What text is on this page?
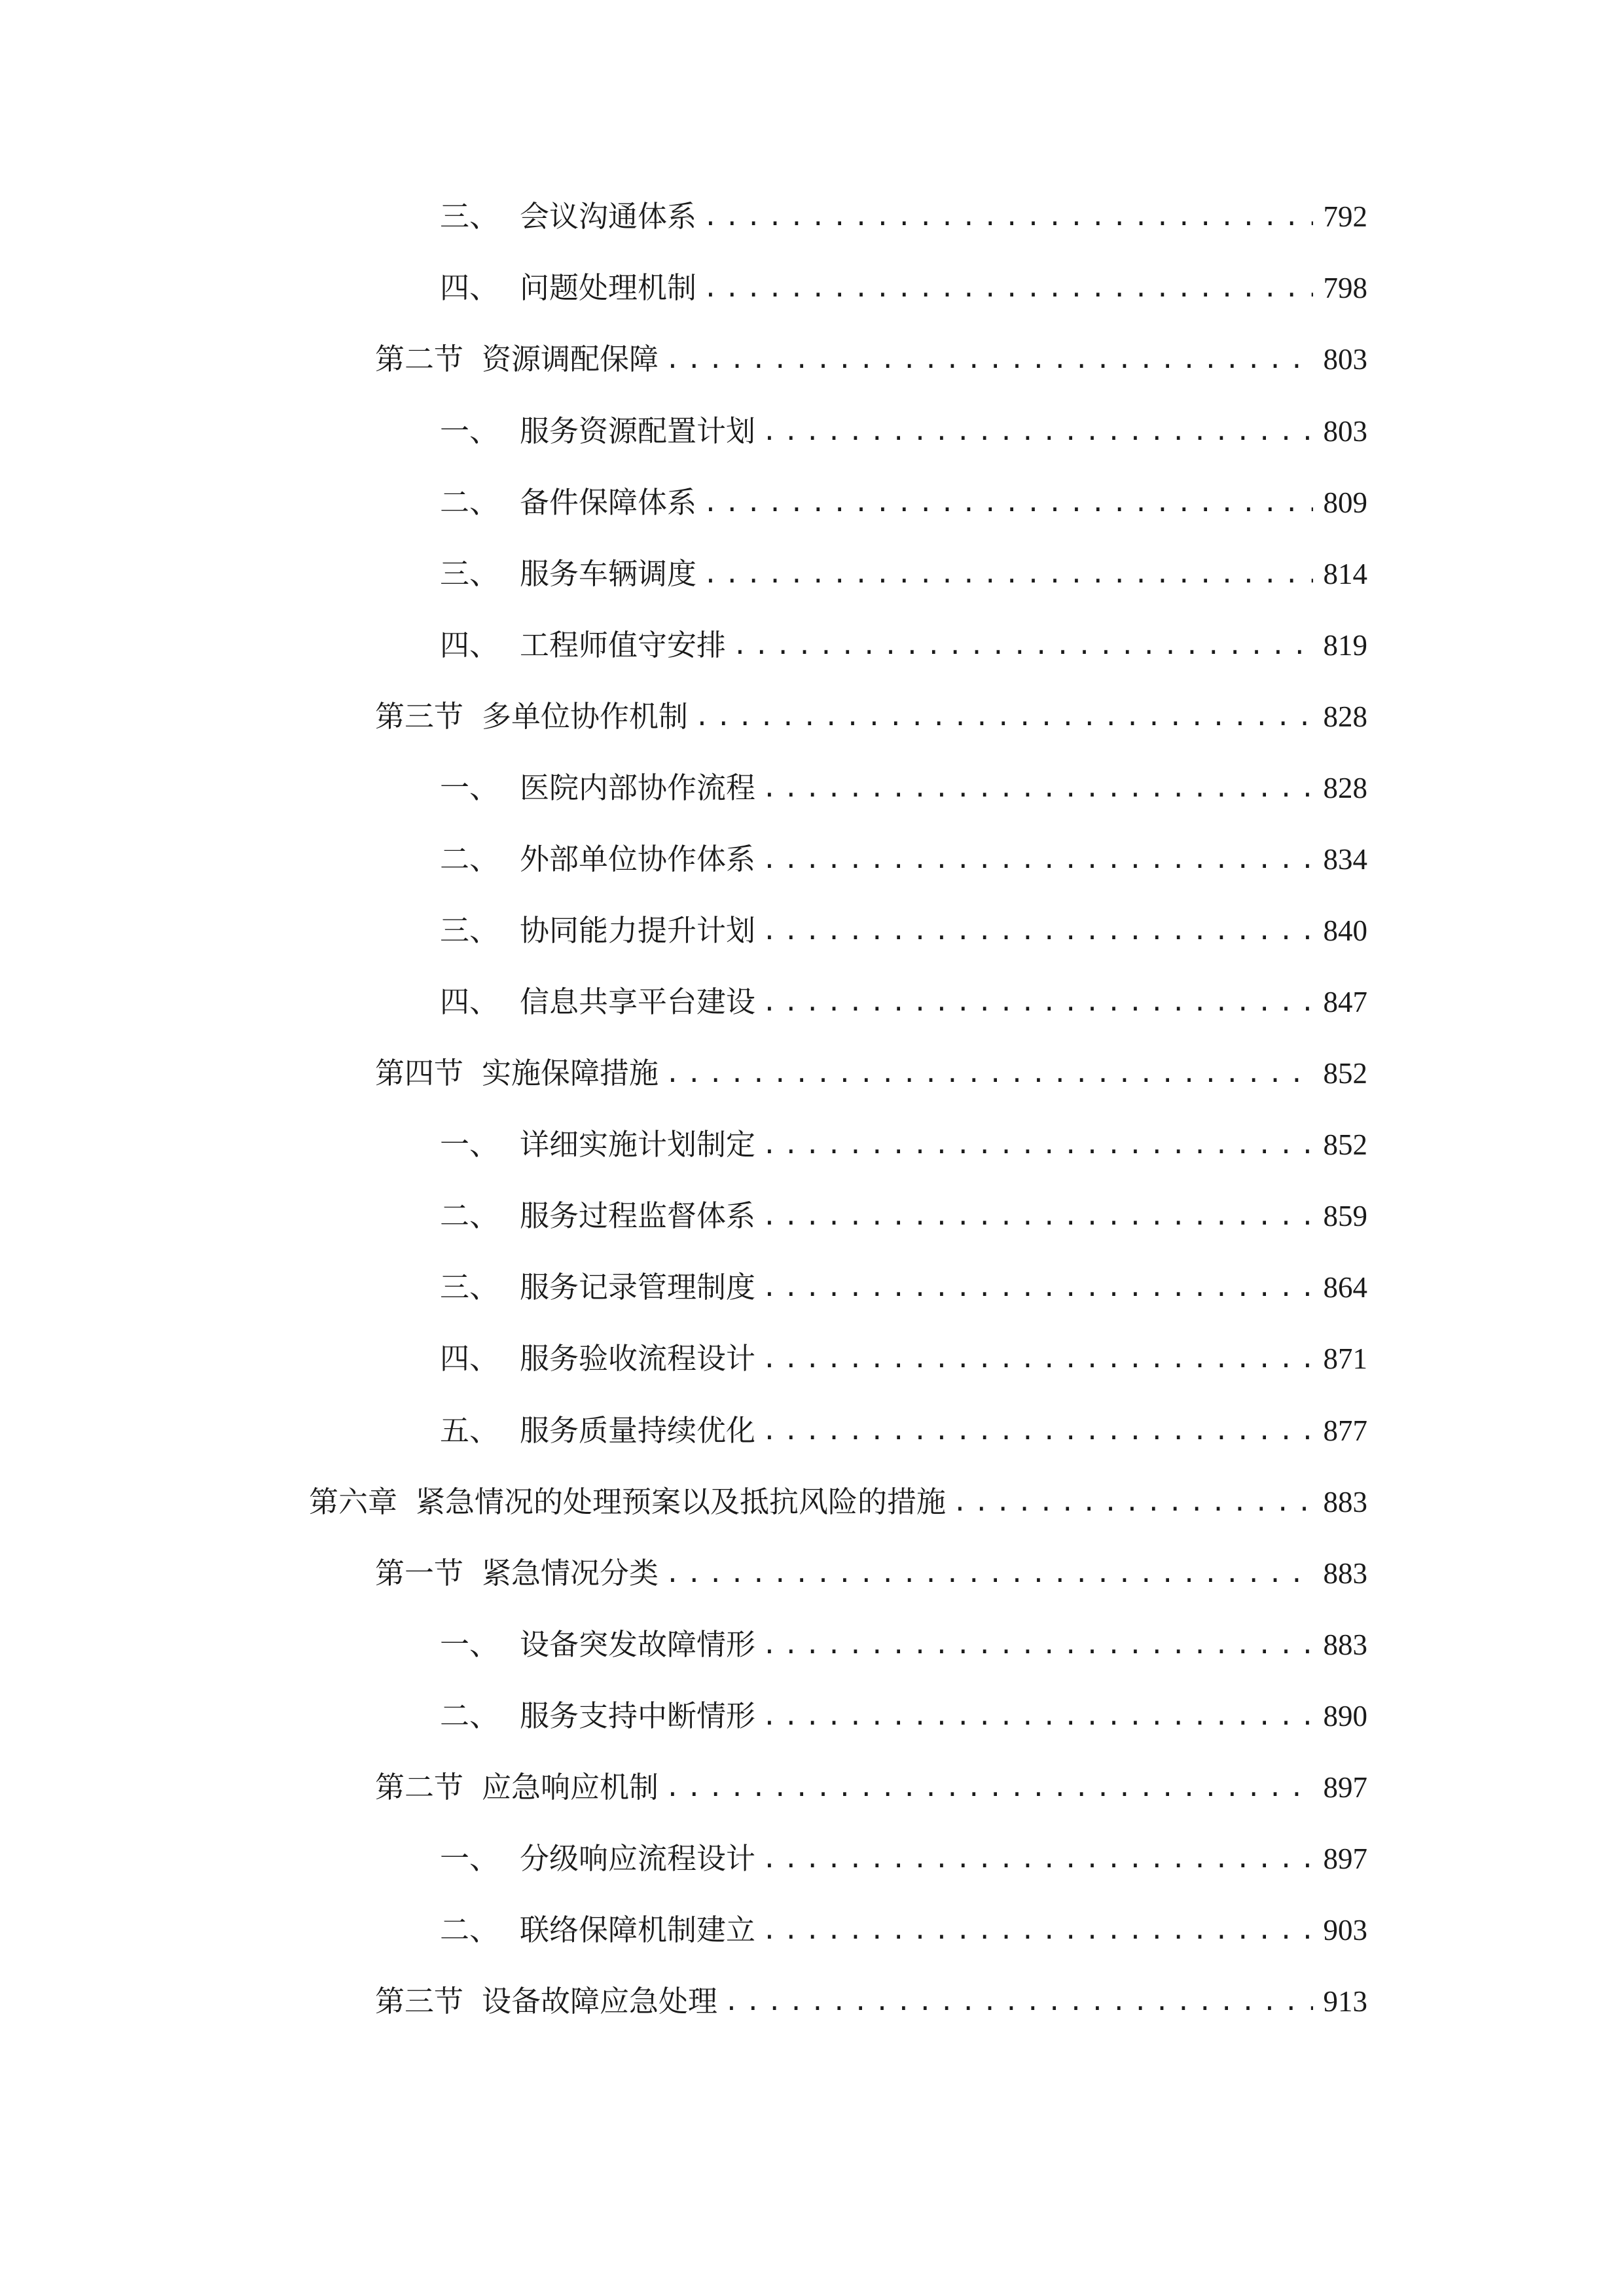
三、 会议沟通体系 .....	792
四、 问题处理机制 .....	798
第二节 资源调配保障 .....	803
一、 服务资源配置计划 .....	803
二、 备件保障体系 .....	809
三、 服务车辆调度 .....	814
四、 工程师值守安排 .....	819
第三节 多单位协作机制 .....	828
一、 医院内部协作流程 .....	828
二、 外部单位协作体系 .....	834
三、 协同能力提升计划 .....	840
四、 信息共享平台建设 .....	847
第四节 实施保障措施 .....	852
一、 详细实施计划制定 .....	852
二、 服务过程监督体系 .....	859
三、 服务记录管理制度 .....	864
四、 服务验收流程设计 .....	871
五、 服务质量持续优化 .....	877
第六章 紧急情况的处理预案以及抵抗风险的措施 .....	883
第一节 紧急情况分类 .....	883
一、 设备突发故障情形 .....	883
二、 服务支持中断情形 .....	890
第二节 应急响应机制 .....	897
一、 分级响应流程设计 .....	897
二、 联络保障机制建立 .....	903
第三节 设备故障应急处理 .....	913
